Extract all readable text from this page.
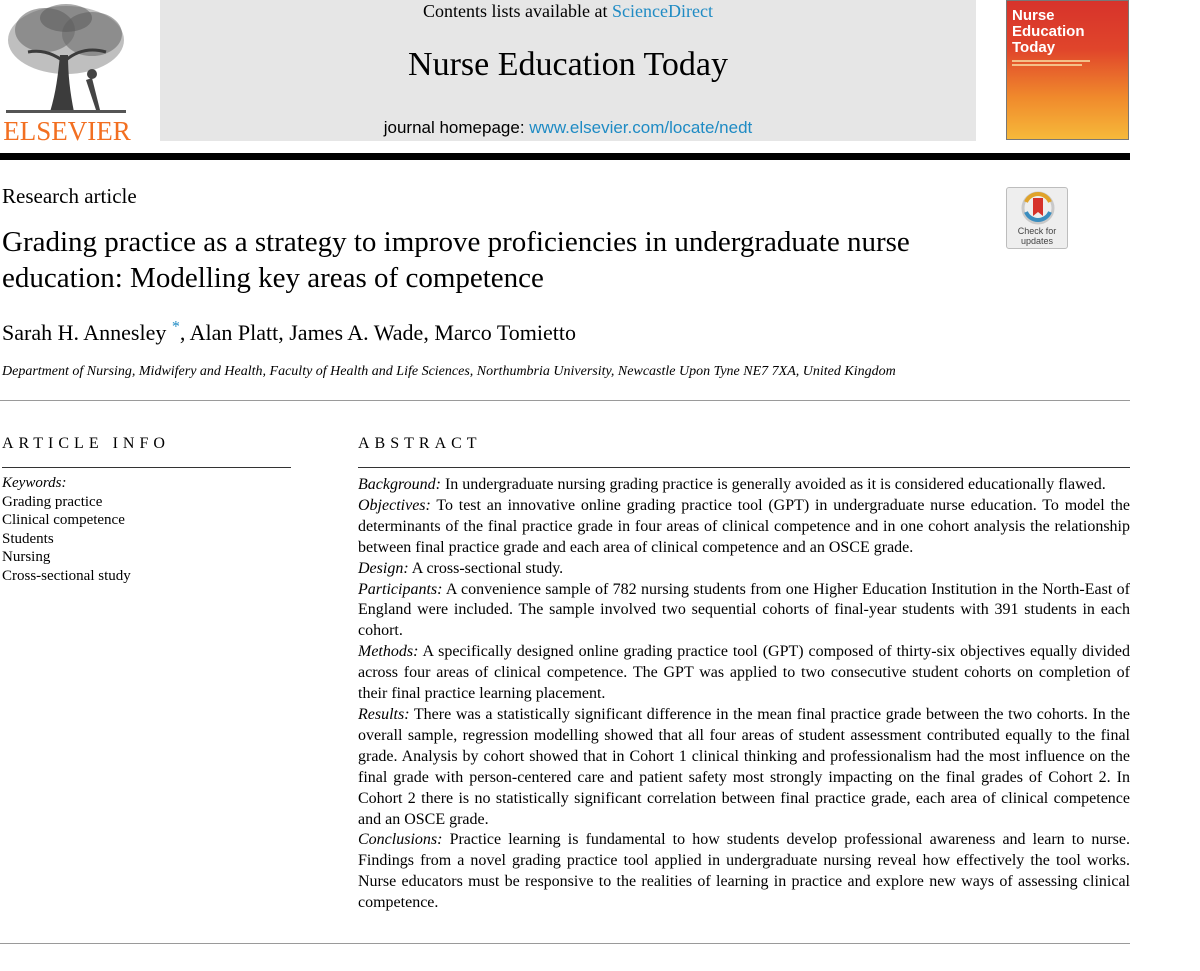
ELSEVIER
Contents lists available at ScienceDirect
Nurse Education Today
journal homepage: www.elsevier.com/locate/nedt
Nurse Education Today
Research article
Grading practice as a strategy to improve proficiencies in undergraduate nurse education: Modelling key areas of competence
Sarah H. Annesley *, Alan Platt, James A. Wade, Marco Tomietto
Department of Nursing, Midwifery and Health, Faculty of Health and Life Sciences, Northumbria University, Newcastle Upon Tyne NE7 7XA, United Kingdom
Check for updates
ARTICLE INFO	ABSTRACT
Keywords:
Grading practice
Clinical competence
Students
Nursing
Cross-sectional study

Background: In undergraduate nursing grading practice is generally avoided as it is considered educationally flawed.

Objectives: To test an innovative online grading practice tool (GPT) in undergraduate nurse education. To model the determinants of the final practice grade in four areas of clinical competence and in one cohort analysis the relationship between final practice grade and each area of clinical competence and an OSCE grade.

Design: A cross-sectional study.

Participants: A convenience sample of 782 nursing students from one Higher Education Institution in the North-East of England were included. The sample involved two sequential cohorts of final-year students with 391 students in each cohort.

Methods: A specifically designed online grading practice tool (GPT) composed of thirty-six objectives equally divided across four areas of clinical competence. The GPT was applied to two consecutive student cohorts on completion of their final practice learning placement.

Results: There was a statistically significant difference in the mean final practice grade between the two cohorts. In the overall sample, regression modelling showed that all four areas of student assessment contributed equally to the final grade. Analysis by cohort showed that in Cohort 1 clinical thinking and professionalism had the most influence on the final grade with person-centered care and patient safety most strongly impacting on the final grades of Cohort 2. In Cohort 2 there is no statistically significant correlation between final practice grade, each area of clinical competence and an OSCE grade.

Conclusions: Practice learning is fundamental to how students develop professional awareness and learn to nurse. Findings from a novel grading practice tool applied in undergraduate nursing reveal how effectively the tool works. Nurse educators must be responsive to the realities of learning in practice and explore new ways of assessing clinical competence.
